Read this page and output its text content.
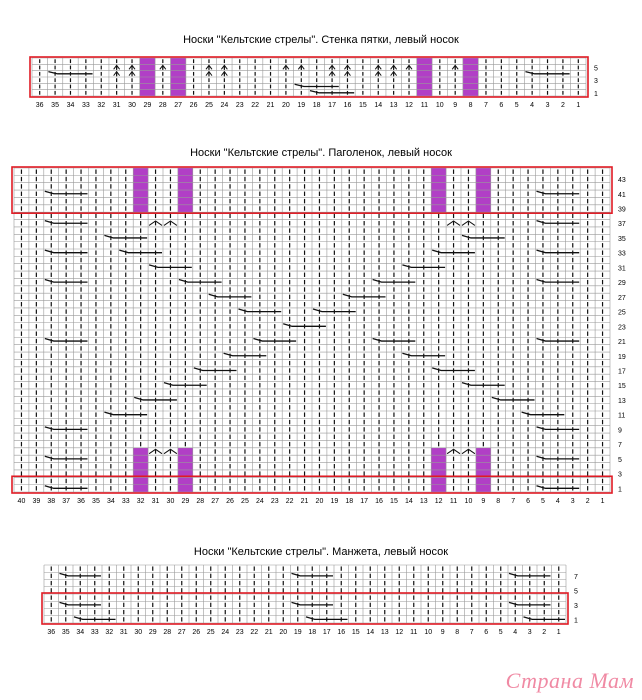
Носки "Кельтские стрелы". Стенка пятки, левый носок
5
3
1
36 35 34 33 32 31 30 29 28 27 26 25 24 23 22 21 20 19 18 17 16 15 14 13 12 11 10 9 8 7 6 5 4 3 2 1
Носки "Кельтские стрелы". Паголенок, левый носок
43
41
39
37
35
33
31
29
27
25
23
21
19
17
15
13
11
9
7
5
3
1
40 39 38 37 36 35 34 33 32 31 30 29 28 27 26 25 24 23 22 21 20 19 18 17 16 15 14 13 12 11 10 9 8 7 6 5 4 3 2 1
Носки "Кельтские стрелы". Манжета, левый носок
7
5
3
1
36 35 34 33 32 31 30 29 28 27 26 25 24 23 22 21 20 19 18 17 16 15 14 13 12 11 10 9 8 7 6 5 4 3 2 1
Страна Мам
